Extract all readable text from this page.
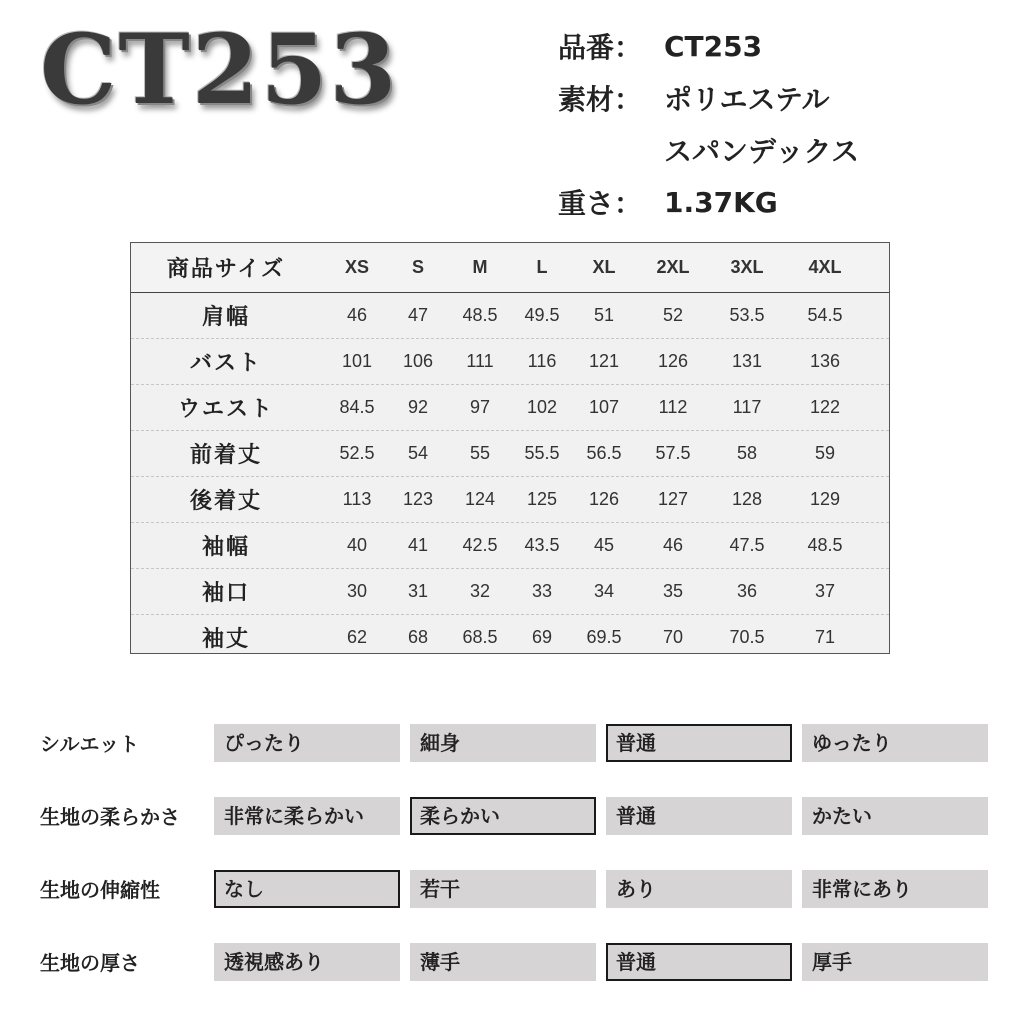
CT253	品番： CT253
素材： ポリエステル
スパンデックス
重さ： 1.37KG
商品サイズ	XS	S	M	L	XL	2XL	3XL	4XL
肩幅	46	47	48.5	49.5	51	52	53.5	54.5
バスト	101	106	111	116	121	126	131	136
ウエスト	84.5	92	97	102	107	112	117	122
前着丈	52.5	54	55	55.5	56.5	57.5	58	59
後着丈	113	123	124	125	126	127	128	129
袖幅	40	41	42.5	43.5	45	46	47.5	48.5
袖口	30	31	32	33	34	35	36	37
袖丈	62	68	68.5	69	69.5	70	70.5	71
シルエット	ぴったり	細身	普通	ゆったり
生地の柔らかさ	非常に柔らかい	柔らかい	普通	かたい
生地の伸縮性	なし	若干	あり	非常にあり
生地の厚さ	透視感あり	薄手	普通	厚手
